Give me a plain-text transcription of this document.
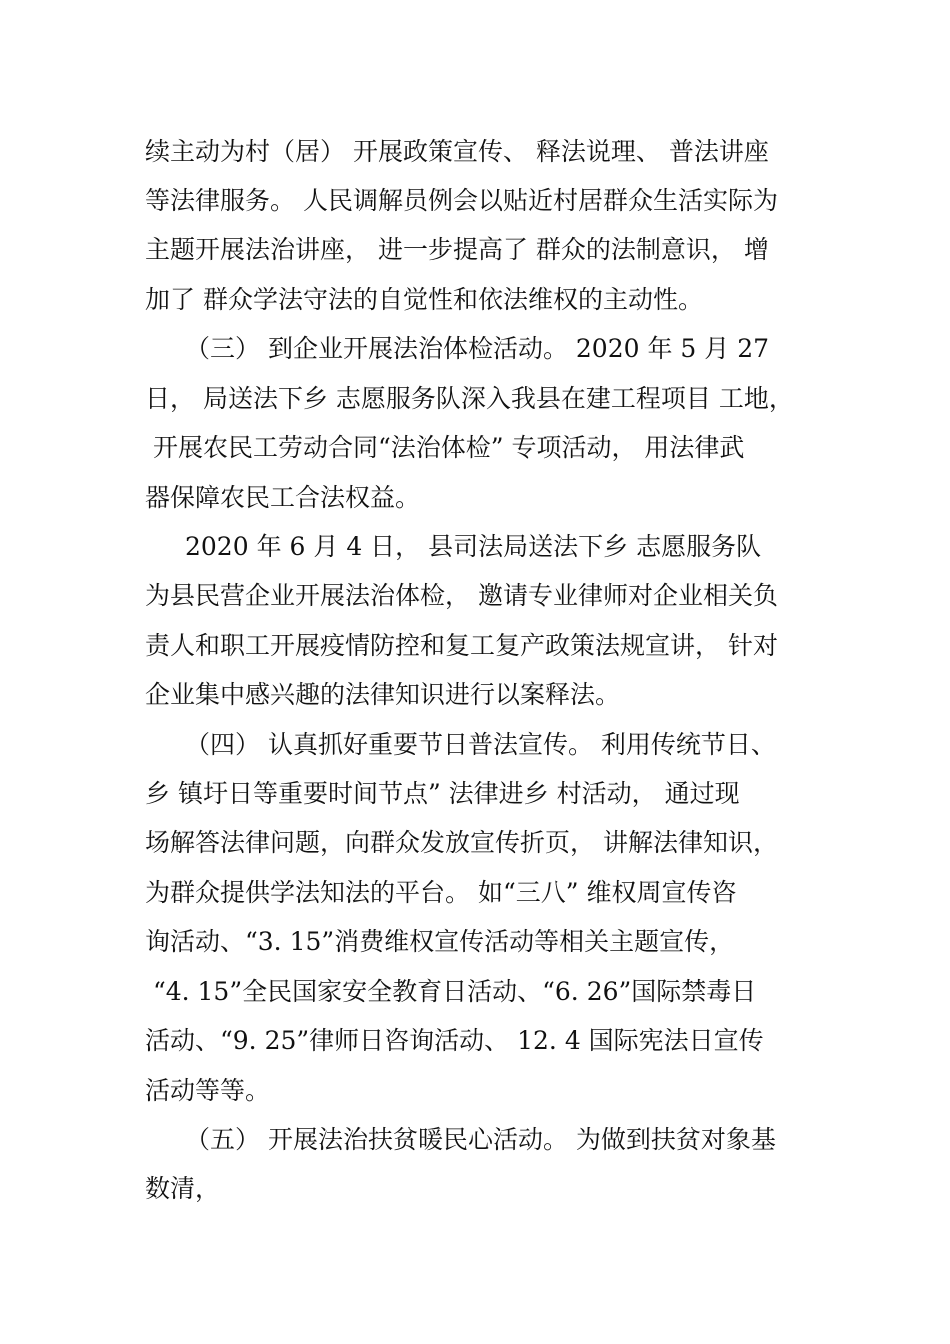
续主动为村（居） 开展政策宣传、 释法说理、 普法讲座
等法律服务。 人民调解员例会以贴近村居群众生活实际为
主题开展法治讲座， 进一步提高了 群众的法制意识， 增
加了 群众学法守法的自觉性和依法维权的主动性。
（三） 到企业开展法治体检活动。 2020 年 5 月 27
日， 局送法下乡 志愿服务队深入我县在建工程项目 工地，
开展农民工劳动合同“法治体检” 专项活动， 用法律武
器保障农民工合法权益。
2020 年 6 月 4 日， 县司法局送法下乡 志愿服务队
为县民营企业开展法治体检， 邀请专业律师对企业相关负
责人和职工开展疫情防控和复工复产政策法规宣讲， 针对
企业集中感兴趣的法律知识进行以案释法。
（四） 认真抓好重要节日普法宣传。 利用传统节日、
乡 镇圩日等重要时间节点” 法律进乡 村活动， 通过现
场解答法律问题，向群众发放宣传折页， 讲解法律知识，
为群众提供学法知法的平台。 如“三八” 维权周宣传咨
询活动、“3. 15”消费维权宣传活动等相关主题宣传，
“4. 15”全民国家安全教育日活动、“6. 26”国际禁毒日
活动、“9. 25”律师日咨询活动、 12. 4 国际宪法日宣传
活动等等。
（五） 开展法治扶贫暖民心活动。 为做到扶贫对象基
数清，
